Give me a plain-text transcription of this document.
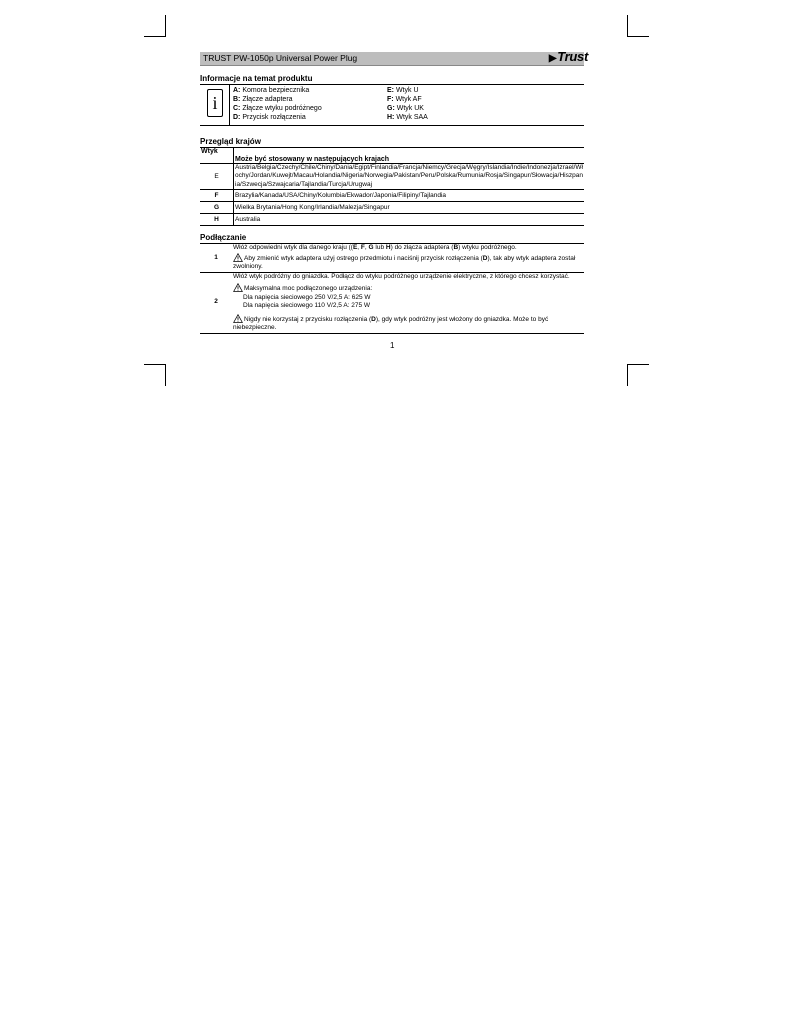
TRUST PW-1050p Universal Power Plug	▶Trust
Informacje na temat produktu
i
A: Komora bezpiecznika
B: Złącze adaptera
C: Złącze wtyku podróżnego
D: Przycisk rozłączenia
E: Wtyk U
F: Wtyk AF
G: Wtyk UK
H: Wtyk SAA
Przegląd krajów
Wtyk	Może być stosowany w następujących krajach
E	Austria/Belgia/Czechy/Chile/Chiny/Dania/Egipt/Finlandia/Francja/Niemcy/Grecja/Węgry/Islandia/Indie/Indonezja/Izrael/Włochy/Jordan/Kuwejt/Macau/Holandia/Nigeria/Norwegia/Pakistan/Peru/Polska/Rumunia/Rosja/Singapur/Słowacja/Hiszpania/Szwecja/Szwajcaria/Tajlandia/Turcja/Urugwaj
F	Brazylia/Kanada/USA/Chiny/Kolumbia/Ekwador/Japonia/Filipiny/Tajlandia
G	Wielka Brytania/Hong Kong/Irlandia/Malezja/Singapur
H	Australia
Podłączanie
1	Włóż odpowiedni wtyk dla danego kraju ((E, F, G lub H) do złącza adaptera (B) wtyku podróżnego.
Aby zmienić wtyk adaptera użyj ostrego przedmiotu i naciśnij przycisk rozłączenia (D), tak aby wtyk adaptera został zwolniony.

2	Włóż wtyk podróżny do gniazdka. Podłącz do wtyku podróżnego urządzenie elektryczne, z którego chcesz korzystać.
Maksymalna moc podłączonego urządzenia:
Dla napięcia sieciowego 250 V/2,5 A: 625 W
Dla napięcia sieciowego 110 V/2,5 A: 275 W
Nigdy nie korzystaj z przycisku rozłączenia (D), gdy wtyk podróżny jest włożony do gniazdka. Może to być niebezpieczne.
1
